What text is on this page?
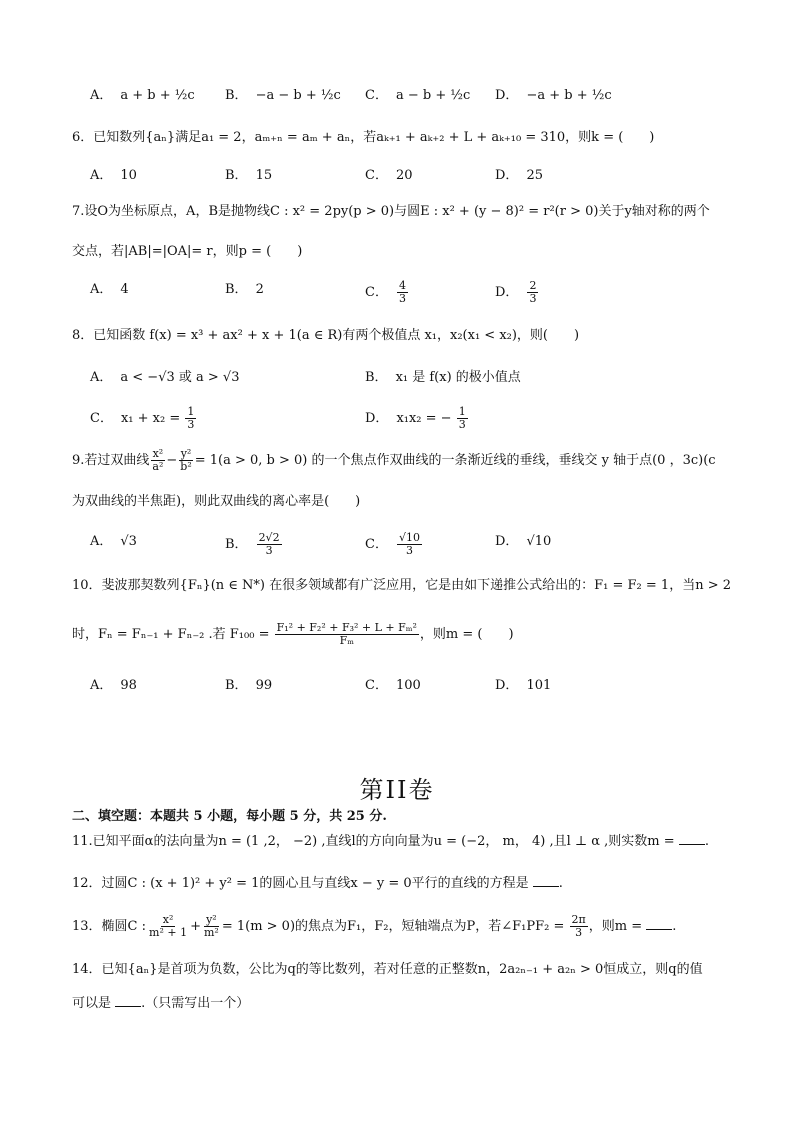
A． a + b + ½c B． −a − b + ½c C． a − b + ½c D． −a + b + ½c
6．已知数列{aₙ}满足a₁ = 2，aₘ₊ₙ = aₘ + aₙ，若aₖ₊₁ + aₖ₊₂ + L + aₖ₊₁₀ = 310，则k = (　　)
A． 10	B． 15	C． 20	D． 25
7.设O为坐标原点，A，B是抛物线C : x² = 2py(p > 0)与圆E : x² + (y − 8)² = r²(r > 0)关于y轴对称的两个
交点，若|AB|=|OA|= r，则p = (　　)
A． 4	B． 2	C． $\frac{4}{3}$	D． $\frac{2}{3}$
8．已知函数 f(x) = x³ + ax² + x + 1(a ∈ R)有两个极值点 x₁，x₂(x₁ < x₂)，则(　　)
A． a < −√3 或 a > √3	B． x₁ 是 f(x) 的极小值点
C． $x_1 + x_2 = \frac{1}{3}$	D． x₁x₂ = − $\frac{1}{3}$
9.若过双曲线 $\frac{\text{x²}}{\text{a²}} - \frac{\text{y²}}{\text{b²}} = 1(a > 0$, b > 0) 的一个焦点作双曲线的一条渐近线的垂线，垂线交 y 轴于点(0 ，3c)(c
为双曲线的半焦距)，则此双曲线的离心率是(　　)
A． √3	B． $\frac{2√2}{3}$	C． $\frac{√10}{3}$	D． √10
10．斐波那契数列{Fₙ}(n ∈ N*) 在很多领域都有广泛应用，它是由如下递推公式给出的：F₁ = F₂ = 1，当n > 2
时，Fₙ = Fₙ₋₁ + Fₙ₋₂ .若 $F_{100} = \frac{\text{F₁² + F₂² + F₃² + L + Fₘ²}}{\text{Fₘ}}$ ，则m = (　　)
A． 98	B． 99	C． 100	D． 101
第II卷
二、填空题：本题共 5 小题，每小题 5 分，共 25 分.
11.已知平面α的法向量为n = (1 ,2， −2) ,直线l的方向向量为u = (−2， m， 4) ,且l ⊥ α ,则实数m = .
12．过圆C : (x + 1)² + y² = 1的圆心且与直线x − y = 0平行的直线的方程是 .
13．椭圆C : $\frac{\text{x²}}{\text{m² + 1}} + \frac{\text{y²}}{\text{m²}} = 1(m > 0)$的焦点为F₁，F₂，短轴端点为P，若∠F₁PF₂ = $\frac{2\pi}{3}$ ，则m = .
14．已知{aₙ}是首项为负数，公比为q的等比数列，若对任意的正整数n，2a₂ₙ₋₁ + a₂ₙ > 0恒成立，则q的值
可以是 .（只需写出一个）
